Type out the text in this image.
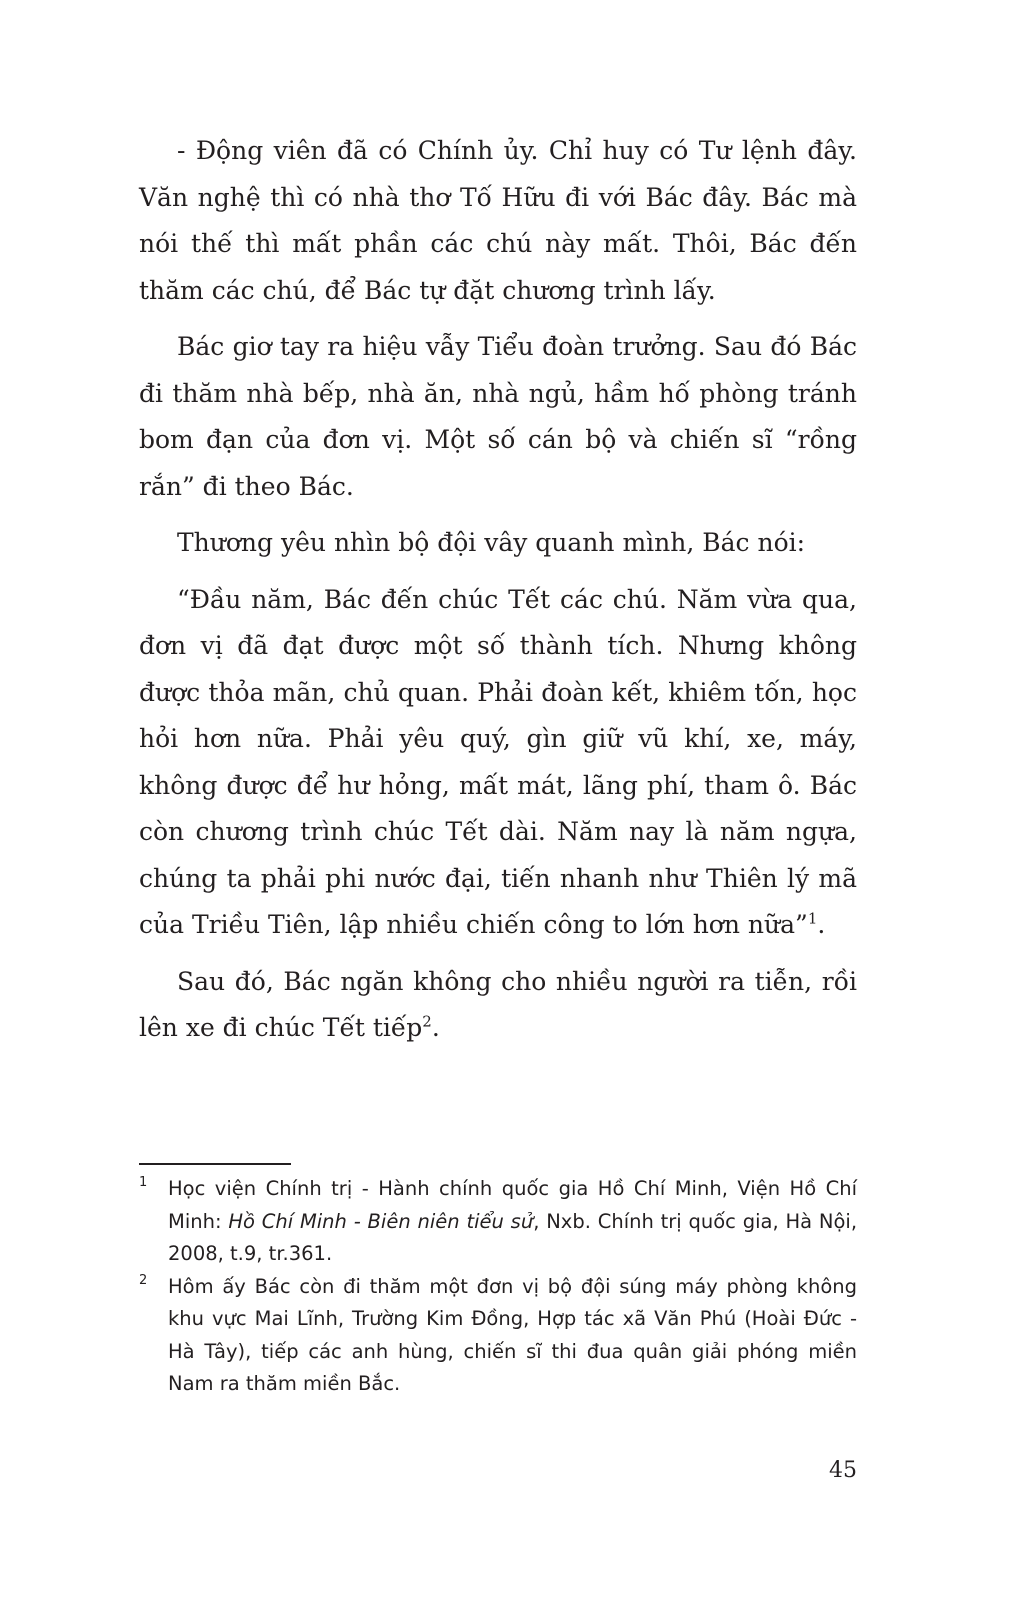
- Động viên đã có Chính ủy. Chỉ huy có Tư lệnh đây. Văn nghệ thì có nhà thơ Tố Hữu đi với Bác đây. Bác mà nói thế thì mất phần các chú này mất. Thôi, Bác đến thăm các chú, để Bác tự đặt chương trình lấy.

Bác giơ tay ra hiệu vẫy Tiểu đoàn trưởng. Sau đó Bác đi thăm nhà bếp, nhà ăn, nhà ngủ, hầm hố phòng tránh bom đạn của đơn vị. Một số cán bộ và chiến sĩ “rồng rắn” đi theo Bác.

Thương yêu nhìn bộ đội vây quanh mình, Bác nói:

“Đầu năm, Bác đến chúc Tết các chú. Năm vừa qua, đơn vị đã đạt được một số thành tích. Nhưng không được thỏa mãn, chủ quan. Phải đoàn kết, khiêm tốn, học hỏi hơn nữa. Phải yêu quý, gìn giữ vũ khí, xe, máy, không được để hư hỏng, mất mát, lãng phí, tham ô. Bác còn chương trình chúc Tết dài. Năm nay là năm ngựa, chúng ta phải phi nước đại, tiến nhanh như Thiên lý mã của Triều Tiên, lập nhiều chiến công to lớn hơn nữa”$^1$.

Sau đó, Bác ngăn không cho nhiều người ra tiễn, rồi lên xe đi chúc Tết tiếp$^2$.

1 Học viện Chính trị - Hành chính quốc gia Hồ Chí Minh, Viện Hồ Chí Minh: Hồ Chí Minh - Biên niên tiểu sử, Nxb. Chính trị quốc gia, Hà Nội, 2008, t.9, tr.361.
2 Hôm ấy Bác còn đi thăm một đơn vị bộ đội súng máy phòng không khu vực Mai Lĩnh, Trường Kim Đồng, Hợp tác xã Văn Phú (Hoài Đức - Hà Tây), tiếp các anh hùng, chiến sĩ thi đua quân giải phóng miền Nam ra thăm miền Bắc.
45
